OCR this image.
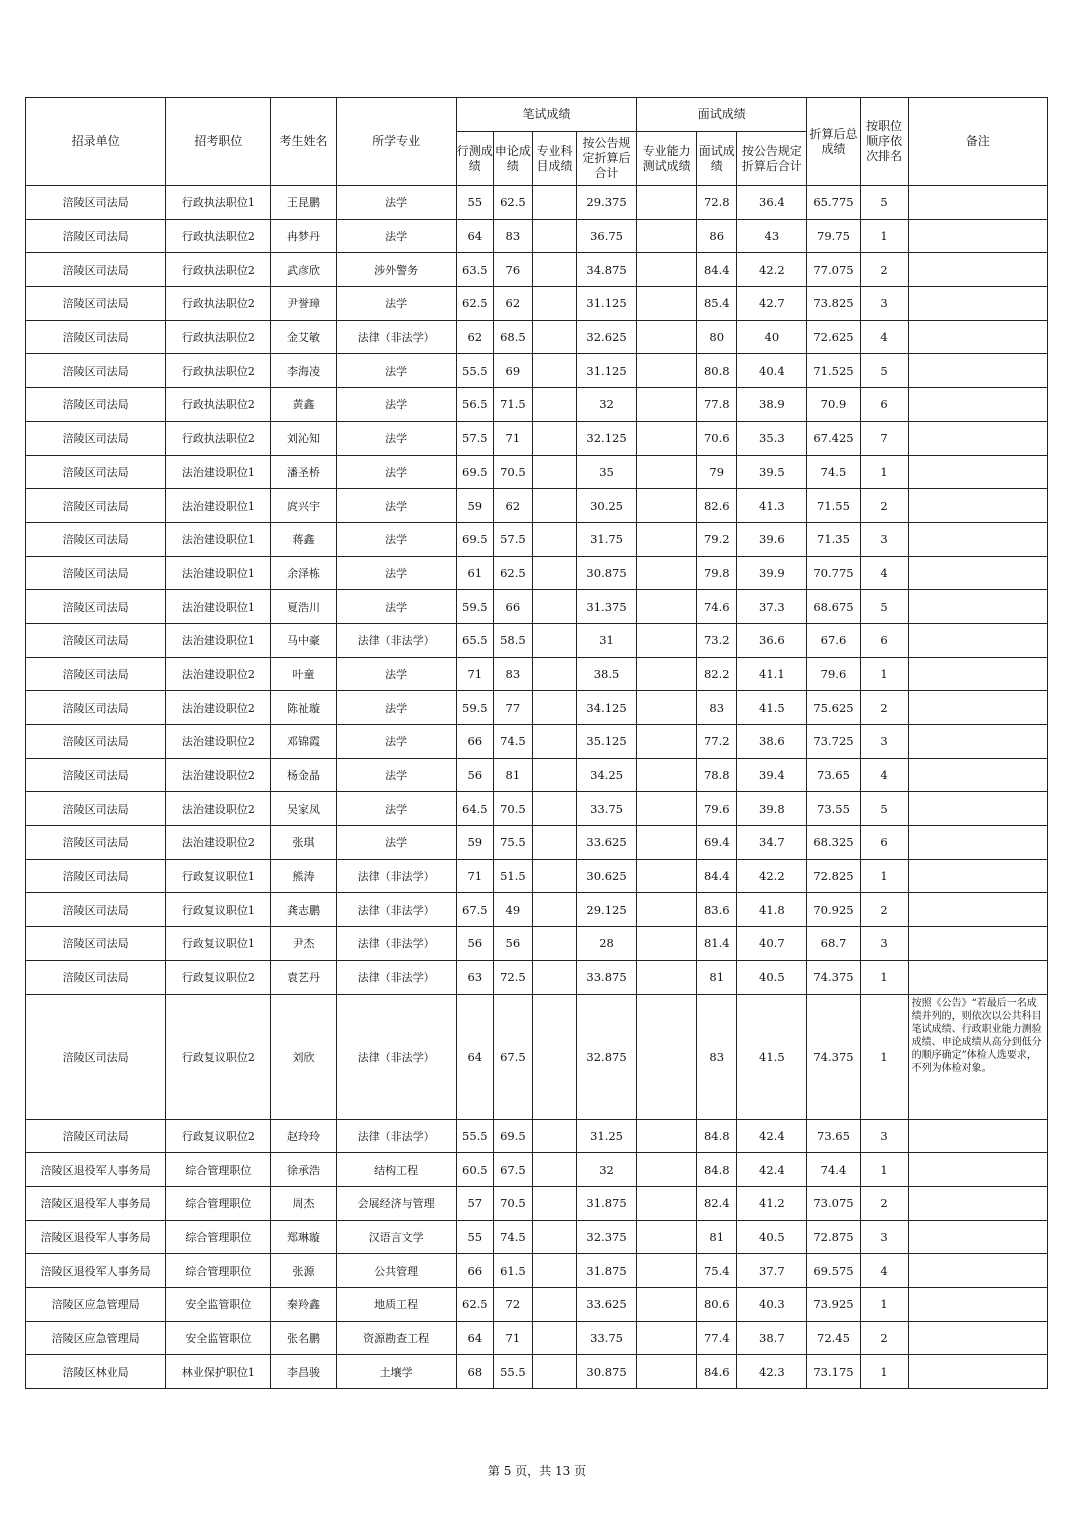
招录单位	招考职位	考生姓名	所学专业	笔试成绩				面试成绩			折算后总成绩	按职位顺序依次排名	备注
				行测成绩	申论成绩	专业科目成绩	按公告规定折算后合计	专业能力测试成绩	面试成绩	按公告规定折算后合计			
涪陵区司法局	行政执法职位1	王昆鹏	法学	55	62.5		29.375		72.8	36.4	65.775	5	
涪陵区司法局	行政执法职位2	冉梦丹	法学	64	83		36.75		86	43	79.75	1	
涪陵区司法局	行政执法职位2	武彦欣	涉外警务	63.5	76		34.875		84.4	42.2	77.075	2	
涪陵区司法局	行政执法职位2	尹誉璋	法学	62.5	62		31.125		85.4	42.7	73.825	3	
涪陵区司法局	行政执法职位2	金艾敏	法律（非法学）	62	68.5		32.625		80	40	72.625	4	
涪陵区司法局	行政执法职位2	李海凌	法学	55.5	69		31.125		80.8	40.4	71.525	5	
涪陵区司法局	行政执法职位2	黄鑫	法学	56.5	71.5		32		77.8	38.9	70.9	6	
涪陵区司法局	行政执法职位2	刘沁知	法学	57.5	71		32.125		70.6	35.3	67.425	7	
涪陵区司法局	法治建设职位1	潘圣桥	法学	69.5	70.5		35		79	39.5	74.5	1	
涪陵区司法局	法治建设职位1	庹兴宇	法学	59	62		30.25		82.6	41.3	71.55	2	
涪陵区司法局	法治建设职位1	蒋鑫	法学	69.5	57.5		31.75		79.2	39.6	71.35	3	
涪陵区司法局	法治建设职位1	余泽栋	法学	61	62.5		30.875		79.8	39.9	70.775	4	
涪陵区司法局	法治建设职位1	夏浩川	法学	59.5	66		31.375		74.6	37.3	68.675	5	
涪陵区司法局	法治建设职位1	马中豪	法律（非法学）	65.5	58.5		31		73.2	36.6	67.6	6	
涪陵区司法局	法治建设职位2	叶童	法学	71	83		38.5		82.2	41.1	79.6	1	
涪陵区司法局	法治建设职位2	陈祉璇	法学	59.5	77		34.125		83	41.5	75.625	2	
涪陵区司法局	法治建设职位2	邓锦霞	法学	66	74.5		35.125		77.2	38.6	73.725	3	
涪陵区司法局	法治建设职位2	杨金晶	法学	56	81		34.25		78.8	39.4	73.65	4	
涪陵区司法局	法治建设职位2	吴家凤	法学	64.5	70.5		33.75		79.6	39.8	73.55	5	
涪陵区司法局	法治建设职位2	张琪	法学	59	75.5		33.625		69.4	34.7	68.325	6	
涪陵区司法局	行政复议职位1	熊涛	法律（非法学）	71	51.5		30.625		84.4	42.2	72.825	1	
涪陵区司法局	行政复议职位1	龚志鹏	法律（非法学）	67.5	49		29.125		83.6	41.8	70.925	2	
涪陵区司法局	行政复议职位1	尹杰	法律（非法学）	56	56		28		81.4	40.7	68.7	3	
涪陵区司法局	行政复议职位2	袁艺丹	法律（非法学）	63	72.5		33.875		81	40.5	74.375	1	
涪陵区司法局	行政复议职位2	刘欣	法律（非法学）	64	67.5		32.875		83	41.5	74.375	1	按照《公告》“若最后一名成绩并列的，则依次以公共科目笔试成绩、行政职业能力测验成绩、申论成绩从高分到低分的顺序确定”体检人选要求，不列为体检对象。
涪陵区司法局	行政复议职位2	赵玲玲	法律（非法学）	55.5	69.5		31.25		84.8	42.4	73.65	3	
涪陵区退役军人事务局	综合管理职位	徐承浩	结构工程	60.5	67.5		32		84.8	42.4	74.4	1	
涪陵区退役军人事务局	综合管理职位	周杰	会展经济与管理	57	70.5		31.875		82.4	41.2	73.075	2	
涪陵区退役军人事务局	综合管理职位	郑琳璇	汉语言文学	55	74.5		32.375		81	40.5	72.875	3	
涪陵区退役军人事务局	综合管理职位	张源	公共管理	66	61.5		31.875		75.4	37.7	69.575	4	
涪陵区应急管理局	安全监管职位	秦羚鑫	地质工程	62.5	72		33.625		80.6	40.3	73.925	1	
涪陵区应急管理局	安全监管职位	张名鹏	资源勘查工程	64	71		33.75		77.4	38.7	72.45	2	
涪陵区林业局	林业保护职位1	李昌骏	土壤学	68	55.5		30.875		84.6	42.3	73.175	1	
第 5 页，共 13 页
